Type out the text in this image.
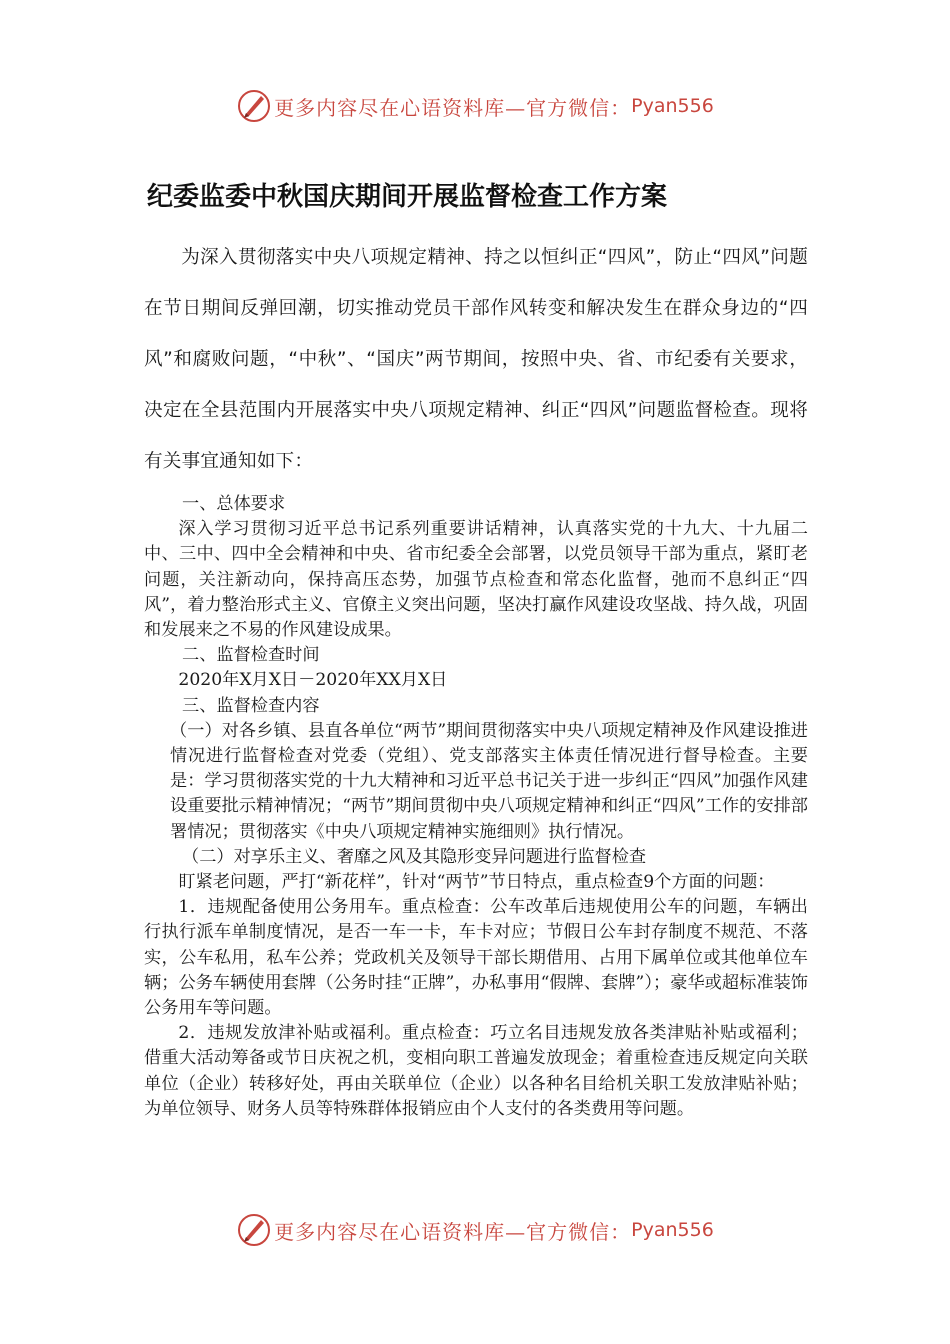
更多内容尽在心语资料库—官方微信： Pyan556
纪委监委中秋国庆期间开展监督检查工作方案

为深入贯彻落实中央八项规定精神、持之以恒纠正“四风”，防止“四风”问题在节日期间反弹回潮，切实推动党员干部作风转变和解决发生在群众身边的“四风”和腐败问题，“中秋”、“国庆”两节期间，按照中央、省、市纪委有关要求，决定在全县范围内开展落实中央八项规定精神、纠正“四风”问题监督检查。现将有关事宜通知如下：

一、总体要求

深入学习贯彻习近平总书记系列重要讲话精神，认真落实党的十九大、十九届二中、三中、四中全会精神和中央、省市纪委全会部署，以党员领导干部为重点，紧盯老问题，关注新动向，保持高压态势，加强节点检查和常态化监督，弛而不息纠正“四风”，着力整治形式主义、官僚主义突出问题，坚决打赢作风建设攻坚战、持久战，巩固和发展来之不易的作风建设成果。

二、监督检查时间

2020年X月X日－2020年XX月X日

三、监督检查内容

（一）对各乡镇、县直各单位“两节”期间贯彻落实中央八项规定精神及作风建设推进情况进行监督检查对党委（党组）、党支部落实主体责任情况进行督导检查。主要是：学习贯彻落实党的十九大精神和习近平总书记关于进一步纠正“四风”加强作风建设重要批示精神情况；“两节”期间贯彻中央八项规定精神和纠正“四风”工作的安排部署情况；贯彻落实《中央八项规定精神实施细则》执行情况。

（二）对享乐主义、奢靡之风及其隐形变异问题进行监督检查

盯紧老问题，严打“新花样”，针对“两节”节日特点，重点检查9个方面的问题：

1．违规配备使用公务用车。重点检查：公车改革后违规使用公车的问题，车辆出行执行派车单制度情况，是否一车一卡，车卡对应；节假日公车封存制度不规范、不落实，公车私用，私车公养；党政机关及领导干部长期借用、占用下属单位或其他单位车辆；公务车辆使用套牌（公务时挂“正牌”，办私事用“假牌、套牌”）；豪华或超标准装饰公务用车等问题。

2．违规发放津补贴或福利。重点检查：巧立名目违规发放各类津贴补贴或福利；借重大活动筹备或节日庆祝之机，变相向职工普遍发放现金；着重检查违反规定向关联单位（企业）转移好处，再由关联单位（企业）以各种名目给机关职工发放津贴补贴；为单位领导、财务人员等特殊群体报销应由个人支付的各类费用等问题。

更多内容尽在心语资料库—官方微信： Pyan556
